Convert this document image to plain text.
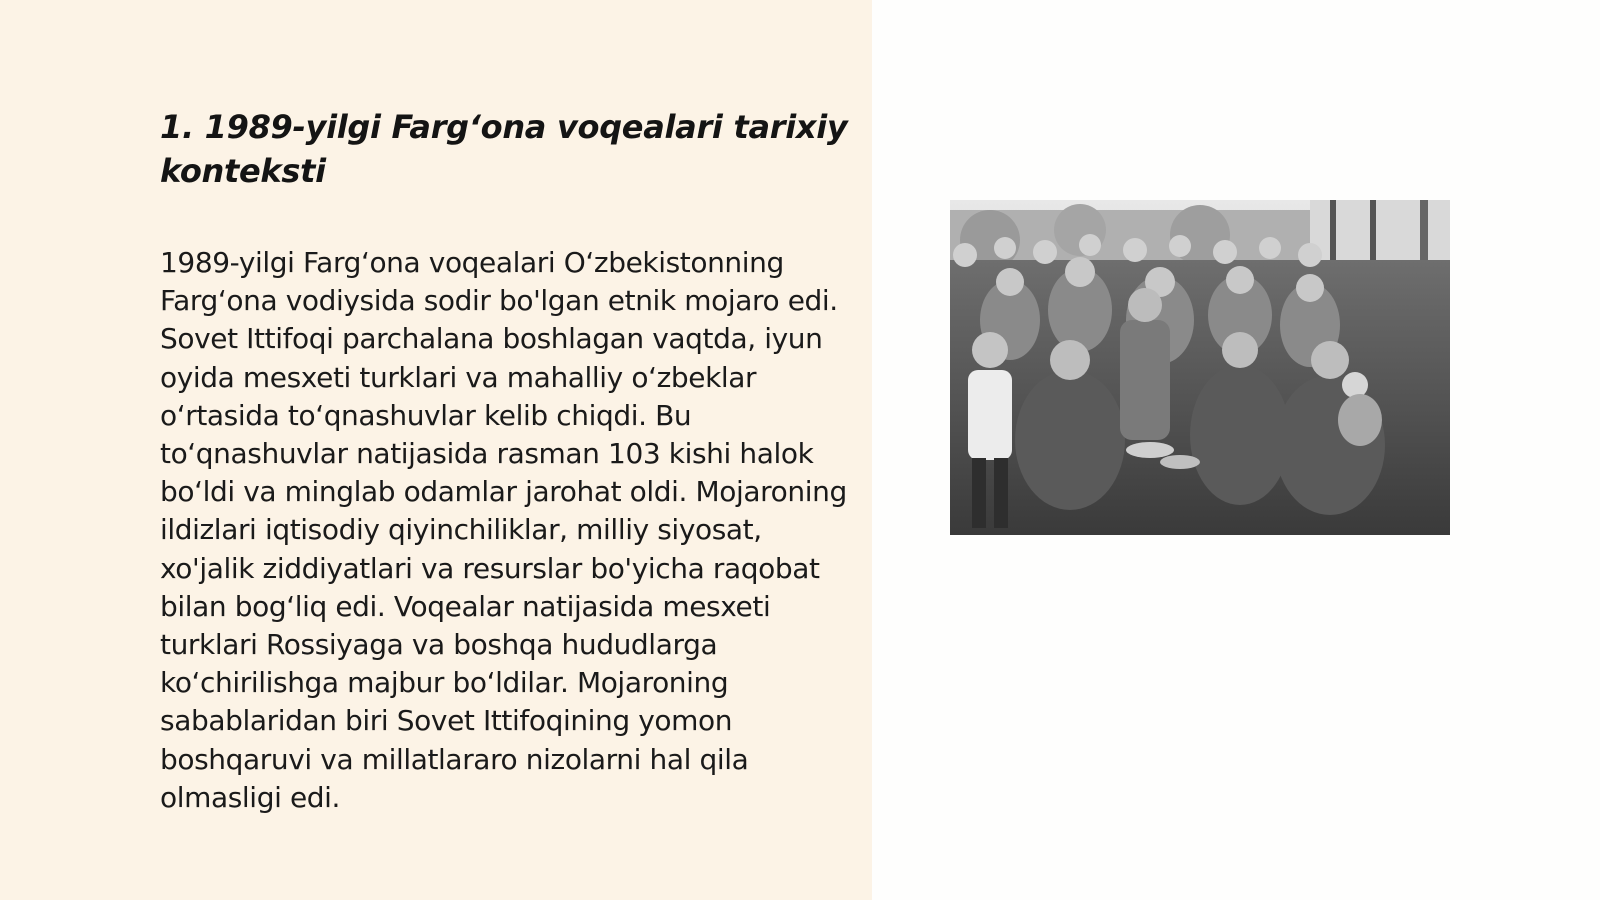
1. 1989-yilgi Farg‘ona voqealari tarixiy konteksti

1989-yilgi Farg‘ona voqealari O‘zbekistonning Farg‘ona vodiysida sodir bo'lgan etnik mojaro edi. Sovet Ittifoqi parchalana boshlagan vaqtda, iyun oyida mesxeti turklari va mahalliy o‘zbeklar o‘rtasida to‘qnashuvlar kelib chiqdi. Bu to‘qnashuvlar natijasida rasman 103 kishi halok bo‘ldi va minglab odamlar jarohat oldi. Mojaroning ildizlari iqtisodiy qiyinchiliklar, milliy siyosat, xo'jalik ziddiyatlari va resurslar bo'yicha raqobat bilan bog‘liq edi. Voqealar natijasida mesxeti turklari Rossiyaga va boshqa hududlarga ko‘chirilishga majbur bo‘ldilar. Mojaroning sabablaridan biri Sovet Ittifoqining yomon boshqaruvi va millatlararo nizolarni hal qila olmasligi edi.
